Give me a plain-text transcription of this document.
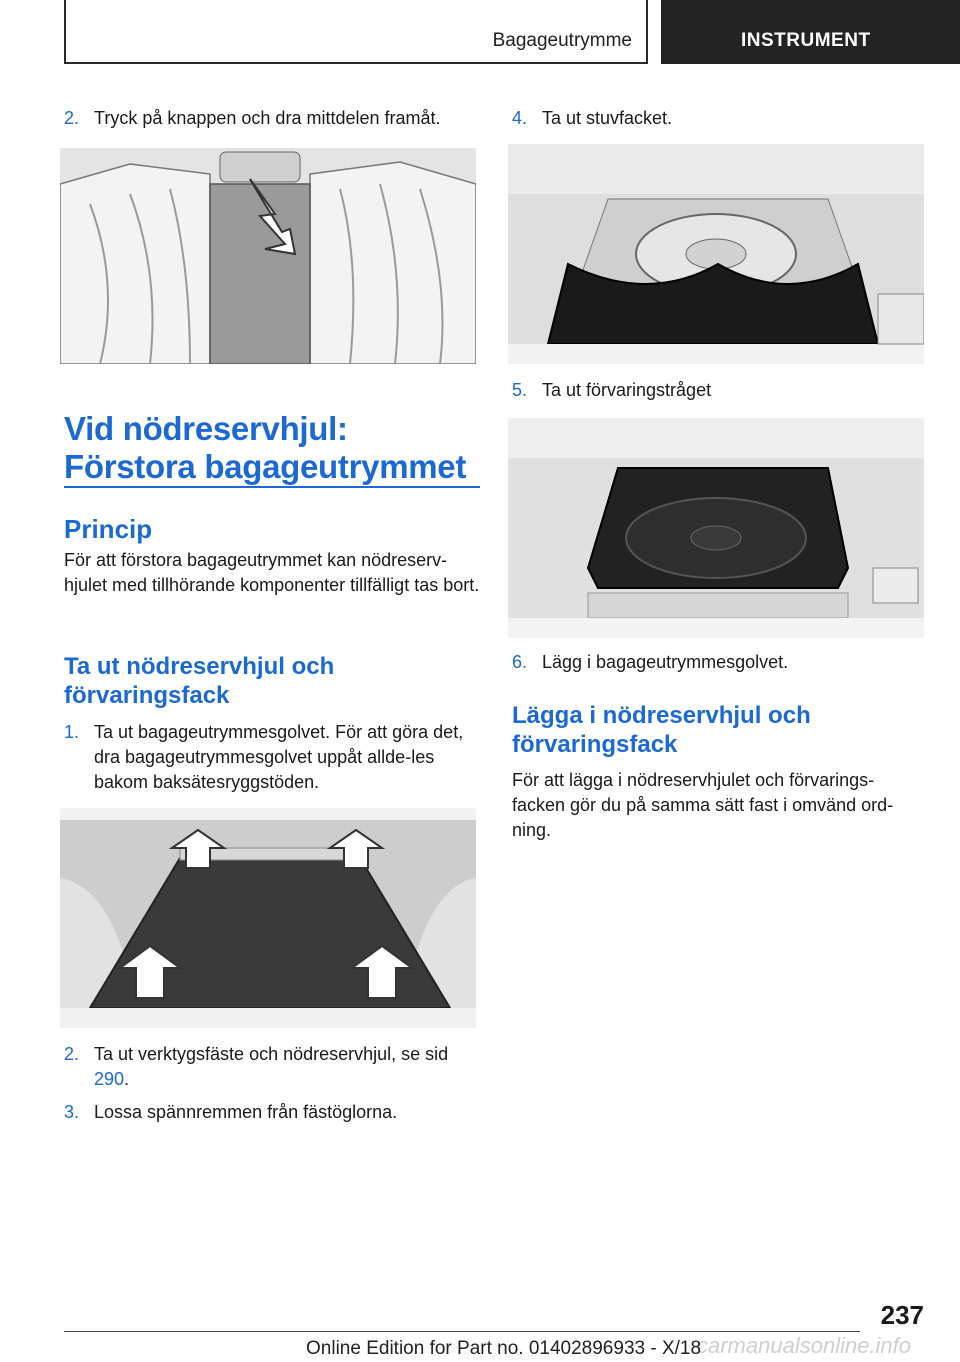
Bagageutrymme	INSTRUMENT
2. Tryck på knappen och dra mittdelen framåt.
Vid nödreservhjul: Förstora bagageutrymmet
Princip
För att förstora bagageutrymmet kan nödreserv-hjulet med tillhörande komponenter tillfälligt tas bort.
Ta ut nödreservhjul och förvaringsfack
1. Ta ut bagageutrymmesgolvet. För att göra det, dra bagageutrymmesgolvet uppåt allde-les bakom baksätesryggstöden.
2. Ta ut verktygsfäste och nödreservhjul, se sid 290.
3. Lossa spännremmen från fästöglorna.
4. Ta ut stuvfacket.
5. Ta ut förvaringstråget
6. Lägg i bagageutrymmesgolvet.
Lägga i nödreservhjul och förvaringsfack
För att lägga i nödreservhjulet och förvarings-facken gör du på samma sätt fast i omvänd ord-ning.
237
carmanualsonline.info
Online Edition for Part no. 01402896933 - X/18
